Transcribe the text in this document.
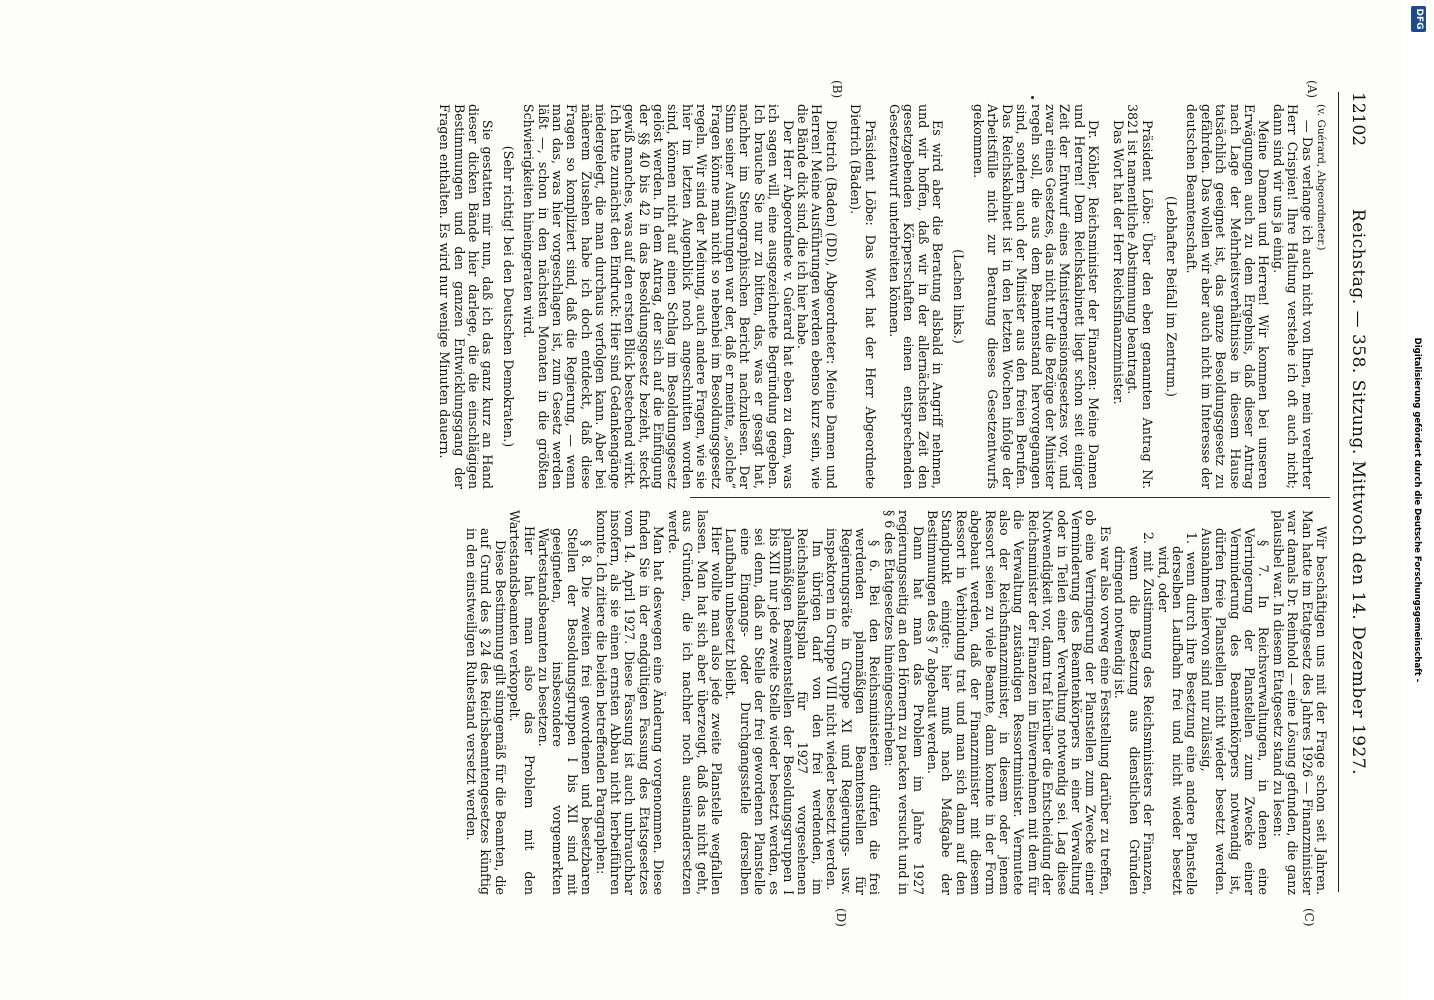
DFG
Digitalisierung gefördert durch die Deutsche Forschungsgemeinschaft -
12102
Reichstag. — 358. Sitzung. Mittwoch den 14. Dezember 1927.
(A)
(B)
(C)
(D)

(v. Guérard, Abgeordneter.)

— Das verlange ich auch nicht von Ihnen, mein verehrter Herr Crispien! Ihre Haltung verstehe ich oft auch nicht; dann sind wir uns ja einig.

Meine Damen und Herren! Wir kommen bei unseren Erwägungen auch zu dem Ergebnis, daß dieser Antrag nach Lage der Mehrheitsverhältnisse in diesem Hause tatsächlich geeignet ist, das ganze Besoldungsgesetz zu gefährden. Das wollen wir aber auch nicht im Interesse der deutschen Beamtenschaft.

(Lebhafter Beifall im Zentrum.)

Präsident Löbe: Über den eben genannten Antrag Nr. 3821 ist namentliche Abstimmung beantragt.

Das Wort hat der Herr Reichsfinanzminister.

Dr. Köhler, Reichsminister der Finanzen: Meine Damen und Herren! Dem Reichskabinett liegt schon seit einiger Zeit der Entwurf eines Ministerpensionsgesetzes vor, und zwar eines Gesetzes, das nicht nur die Bezüge der Minister regeln soll, die aus dem Beamtenstand hervorgegangen sind, sondern auch der Minister aus den freien Berufen. Das Reichskabinett ist in den letzten Wochen infolge der Arbeitsfülle nicht zur Beratung dieses Gesetzentwurfs gekommen.

(Lachen links.)

Es wird aber die Beratung alsbald in Angriff nehmen, und wir hoffen, daß wir in der allernächsten Zeit den gesetzgebenden Körperschaften einen entsprechenden Gesetzentwurf unterbreiten können.

Präsident Löbe: Das Wort hat der Herr Abgeordnete Dietrich (Baden).

Dietrich (Baden) (DD), Abgeordneter: Meine Damen und Herren! Meine Ausführungen werden ebenso kurz sein, wie die Bände dick sind, die ich hier habe.

Der Herr Abgeordnete v. Guérard hat eben zu dem, was ich sagen will, eine ausgezeichnete Begründung gegeben. Ich brauche Sie nur zu bitten, das, was er gesagt hat, nachher im Stenographischen Bericht nachzulesen. Der Sinn seiner Ausführungen war der, daß er meinte, „solche“ Fragen könne man nicht so nebenbei im Besoldungsgesetz regeln. Wir sind der Meinung, auch andere Fragen, wie sie hier im letzten Augenblick noch angeschnitten worden sind, können nicht auf einen Schlag im Besoldungsgesetz gelöst werden. In dem Antrag, der sich auf die Einfügung der §§ 40 bis 42 in das Besoldungsgesetz bezieht, steckt gewiß manches, was auf den ersten Blick bestechend wirkt. Ich hatte zunächst den Eindruck: Hier sind Gedankengänge niedergelegt, die man durchaus verfolgen kann. Aber bei näherem Zusehen habe ich doch entdeckt, daß diese Fragen so kompliziert sind, daß die Regierung, — wenn man das, was hier vorgeschlagen ist, zum Gesetz werden läßt —, schon in den nächsten Monaten in die größten Schwierigkeiten hineingeraten wird.

(Sehr richtig! bei den Deutschen Demokraten.)

Sie gestatten mir nun, daß ich das ganz kurz an Hand dieser dicken Bände hier darlege, die die einschlägigen Bestimmungen und den ganzen Entwicklungsgang der Fragen enthalten. Es wird nur wenige Minuten dauern.

Wir beschäftigen uns mit der Frage schon seit Jahren. Man hatte im Etatgesetz des Jahres 1926 — Finanzminister war damals Dr. Reinhold — eine Lösung gefunden, die ganz plausibel war. In diesem Etatgesetz stand zu lesen:

§ 7. In Reichsverwaltungen, in denen eine Verringerung der Planstellen zum Zwecke einer Verminderung des Beamtenkörpers notwendig ist, dürfen freie Planstellen nicht wieder besetzt werden. Ausnahmen hiervon sind nur zulässig,

1. wenn durch ihre Besetzung eine andere Planstelle derselben Laufbahn frei und nicht wieder besetzt wird, oder

2. mit Zustimmung des Reichsministers der Finanzen, wenn die Besetzung aus dienstlichen Gründen dringend notwendig ist.

Es war also vorweg eine Feststellung darüber zu treffen, ob eine Verringerung der Planstellen zum Zwecke einer Verminderung des Beamtenkörpers in einer Verwaltung oder in Teilen einer Verwaltung notwendig sei. Lag diese Notwendigkeit vor, dann traf hierüber die Entscheidung der Reichsminister der Finanzen im Einvernehmen mit dem für die Verwaltung zuständigen Ressortminister. Vermutete also der Reichsfinanzminister, in diesem oder jenem Ressort seien zu viele Beamte, dann konnte in der Form abgebaut werden, daß der Finanzminister mit diesem Ressort in Verbindung trat und man sich dann auf den Standpunkt einigte: hier muß nach Maßgabe der Bestimmungen des § 7 abgebaut werden.

Dann hat man das Problem im Jahre 1927 regierungsseitig an den Hörnern zu packen versucht und in § 6 des Etatgesetzes hineingeschrieben:

§ 6. Bei den Reichsministerien dürfen die frei werdenden planmäßigen Beamtenstellen für Regierungsräte in Gruppe XI und Regierungs- usw. inspektoren in Gruppe VIII nicht wieder besetzt werden.

Im übrigen darf von den frei werdenden, im Reichshaushaltsplan für 1927 vorgesehenen planmäßigen Beamtenstellen der Besoldungsgruppen I bis XIII nur jede zweite Stelle wieder besetzt werden, es sei denn, daß an Stelle der frei gewordenen Planstelle eine Eingangs- oder Durchgangsstelle derselben Laufbahn unbesetzt bleibt.

Hier wollte man also jede zweite Planstelle wegfallen lassen. Man hat sich aber überzeugt, daß das nicht geht, aus Gründen, die ich nachher noch auseinandersetzen werde.

Man hat deswegen eine Änderung vorgenommen. Diese finden Sie in der endgültigen Fassung des Etatsgesetzes vom 14. April 1927. Diese Fassung ist auch unbrauchbar insofern, als sie einen ernsten Abbau nicht herbeiführen konnte. Ich zitiere die beiden betreffenden Paragraphen:

§ 8. Die zweiten frei gewordenen und besetzbaren Stellen der Besoldungsgruppen I bis XII sind mit geeigneten, insbesondere vorgemerkten Wartestandsbeamten zu besetzen.

Hier hat man also das Problem mit den Wartestandsbeamten verkoppelt.

Diese Bestimmung gilt sinngemäß für die Beamten, die auf Grund des § 24 des Reichsbeamtengesetzes künftig in den einstweiligen Ruhestand versetzt werden.
